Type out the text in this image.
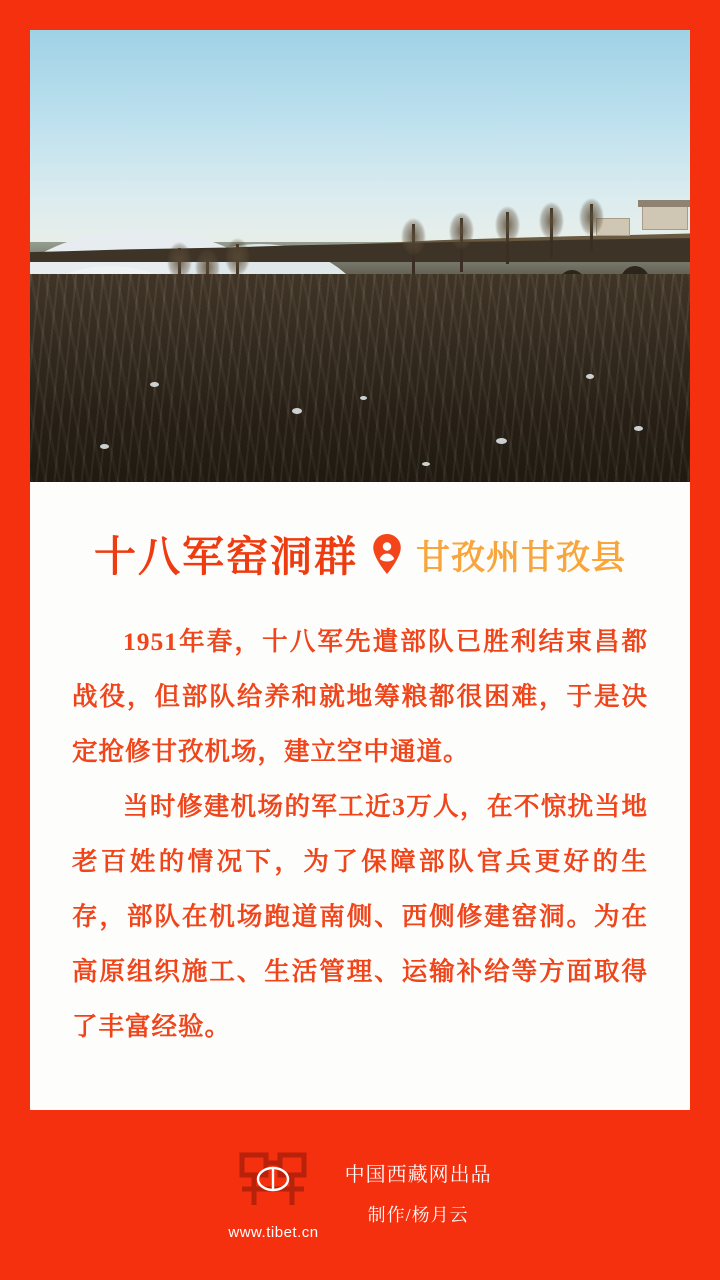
十八军窑洞群 甘孜州甘孜县

1951年春，十八军先遣部队已胜利结束昌都战役，但部队给养和就地筹粮都很困难，于是决定抢修甘孜机场，建立空中通道。

当时修建机场的军工近3万人，在不惊扰当地老百姓的情况下，为了保障部队官兵更好的生存，部队在机场跑道南侧、西侧修建窑洞。为在高原组织施工、生活管理、运输补给等方面取得了丰富经验。

www.tibet.cn
中国西藏网出品
制作/杨月云
